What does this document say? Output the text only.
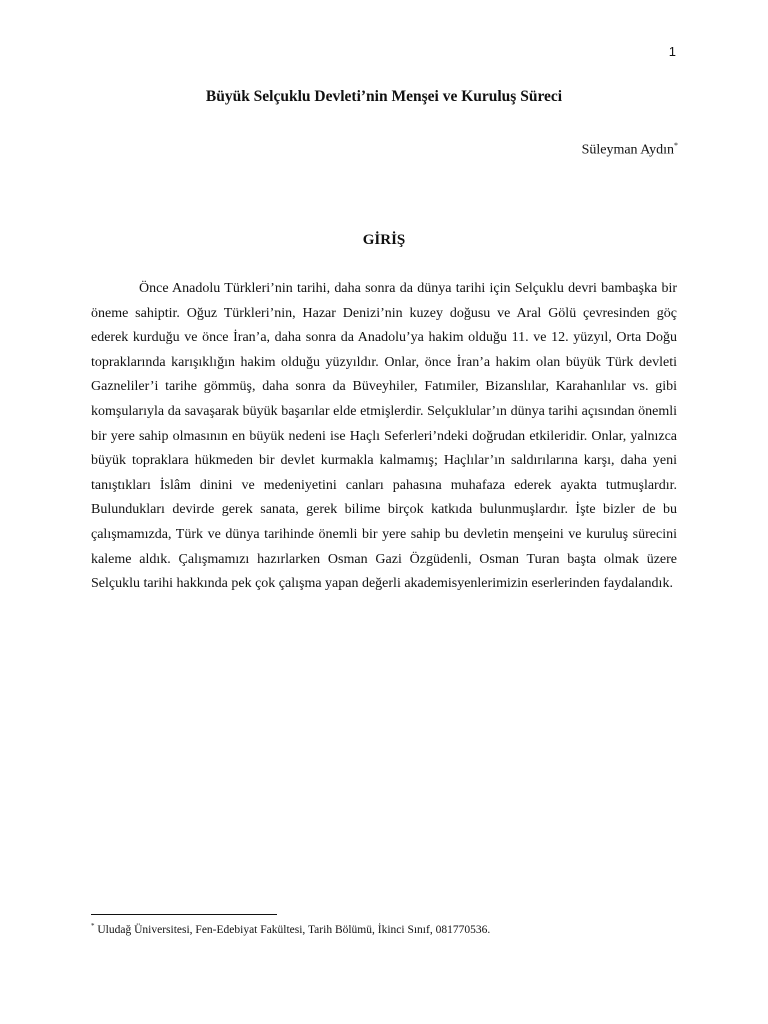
1
Büyük Selçuklu Devleti’nin Menşei ve Kuruluş Süreci
Süleyman Aydın*
GİRİŞ

Önce Anadolu Türkleri’nin tarihi, daha sonra da dünya tarihi için Selçuklu devri bambaşka bir öneme sahiptir. Oğuz Türkleri’nin, Hazar Denizi’nin kuzey doğusu ve Aral Gölü çevresinden göç ederek kurduğu ve önce İran’a, daha sonra da Anadolu’ya hakim olduğu 11. ve 12. yüzyıl, Orta Doğu topraklarında karışıklığın hakim olduğu yüzyıldır. Onlar, önce İran’a hakim olan büyük Türk devleti Gazneliler’i tarihe gömmüş, daha sonra da Büveyhiler, Fatımiler, Bizanslılar, Karahanlılar vs. gibi komşularıyla da savaşarak büyük başarılar elde etmişlerdir. Selçuklular’ın dünya tarihi açısından önemli bir yere sahip olmasının en büyük nedeni ise Haçlı Seferleri’ndeki doğrudan etkileridir. Onlar, yalnızca büyük topraklara hükmeden bir devlet kurmakla kalmamış; Haçlılar’ın saldırılarına karşı, daha yeni tanıştıkları İslâm dinini ve medeniyetini canları pahasına muhafaza ederek ayakta tutmuşlardır. Bulundukları devirde gerek sanata, gerek bilime birçok katkıda bulunmuşlardır. İşte bizler de bu çalışmamızda, Türk ve dünya tarihinde önemli bir yere sahip bu devletin menşeini ve kuruluş sürecini kaleme aldık. Çalışmamızı hazırlarken Osman Gazi Özgüdenli, Osman Turan başta olmak üzere Selçuklu tarihi hakkında pek çok çalışma yapan değerli akademisyenlerimizin eserlerinden faydalandık.

* Uludağ Üniversitesi, Fen-Edebiyat Fakültesi, Tarih Bölümü, İkinci Sınıf, 081770536.
